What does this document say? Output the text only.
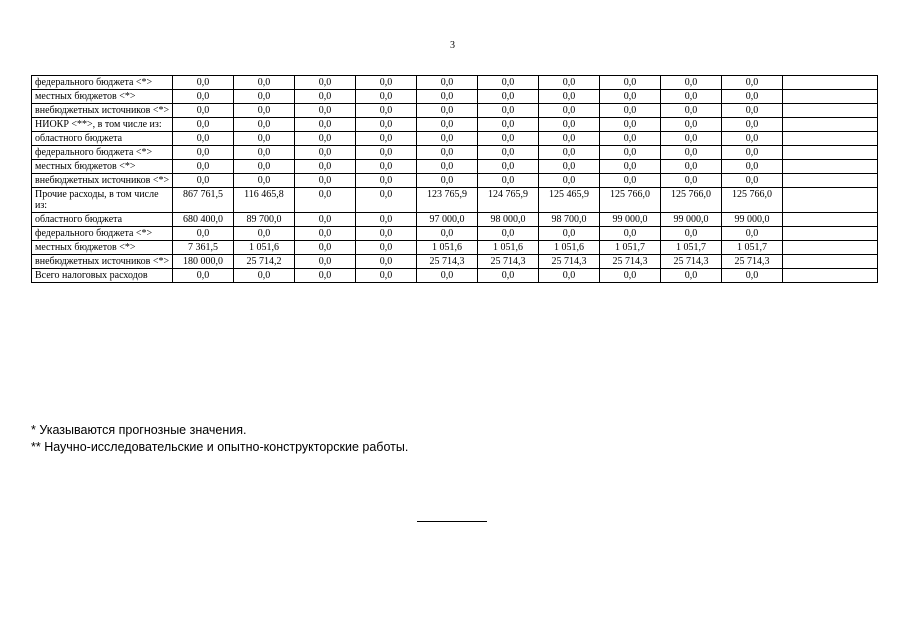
3
федерального бюджета <*>	0,0	0,0	0,0	0,0	0,0	0,0	0,0	0,0	0,0	0,0	
местных бюджетов <*>	0,0	0,0	0,0	0,0	0,0	0,0	0,0	0,0	0,0	0,0	
внебюджетных источников <*>	0,0	0,0	0,0	0,0	0,0	0,0	0,0	0,0	0,0	0,0	
НИОКР <**>, в том числе из:	0,0	0,0	0,0	0,0	0,0	0,0	0,0	0,0	0,0	0,0	
областного бюджета	0,0	0,0	0,0	0,0	0,0	0,0	0,0	0,0	0,0	0,0	
федерального бюджета <*>	0,0	0,0	0,0	0,0	0,0	0,0	0,0	0,0	0,0	0,0	
местных бюджетов <*>	0,0	0,0	0,0	0,0	0,0	0,0	0,0	0,0	0,0	0,0	
внебюджетных источников <*>	0,0	0,0	0,0	0,0	0,0	0,0	0,0	0,0	0,0	0,0	
Прочие расходы, в том числе из:	867 761,5	116 465,8	0,0	0,0	123 765,9	124 765,9	125 465,9	125 766,0	125 766,0	125 766,0	
областного бюджета	680 400,0	89 700,0	0,0	0,0	97 000,0	98 000,0	98 700,0	99 000,0	99 000,0	99 000,0	
федерального бюджета <*>	0,0	0,0	0,0	0,0	0,0	0,0	0,0	0,0	0,0	0,0	
местных бюджетов <*>	7 361,5	1 051,6	0,0	0,0	1 051,6	1 051,6	1 051,6	1 051,7	1 051,7	1 051,7	
внебюджетных источников <*>	180 000,0	25 714,2	0,0	0,0	25 714,3	25 714,3	25 714,3	25 714,3	25 714,3	25 714,3	
Всего налоговых расходов	0,0	0,0	0,0	0,0	0,0	0,0	0,0	0,0	0,0	0,0	
* Указываются прогнозные значения.
** Научно-исследовательские и опытно-конструкторские работы.
